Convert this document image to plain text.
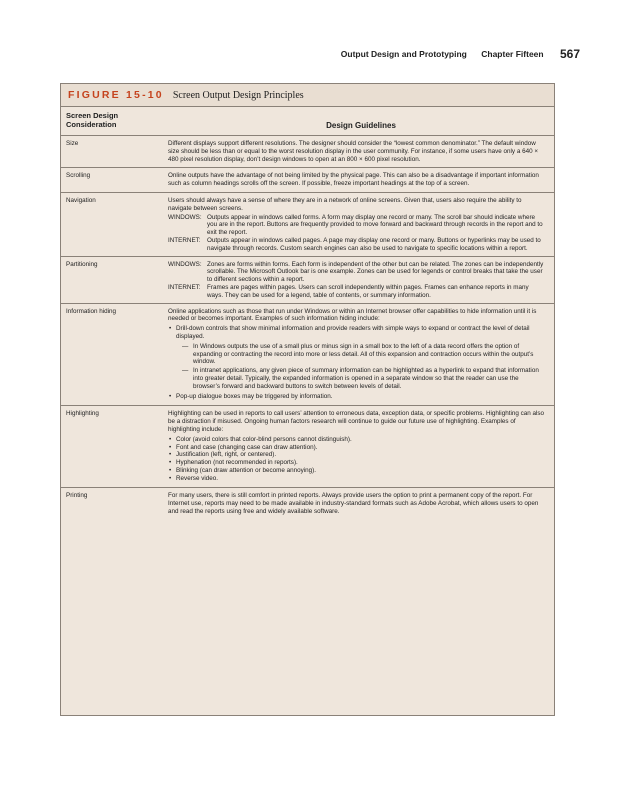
Output Design and Prototyping Chapter Fifteen 567
FIGURE 15-10 Screen Output Design Principles
Screen Design Consideration	Design Guidelines
Size	Different displays support different resolutions. The designer should consider the “lowest common denominator.” The default window size should be less than or equal to the worst resolution display in the user community. For instance, if some users have only a 640 × 480 pixel resolution display, don’t design windows to open at an 800 × 600 pixel resolution.

Scrolling	Online outputs have the advantage of not being limited by the physical page. This can also be a disadvantage if important information such as column headings scrolls off the screen. If possible, freeze important headings at the top of a screen.

Navigation	Users should always have a sense of where they are in a network of online screens. Given that, users also require the ability to navigate between screens.

WINDOWS: Outputs appear in windows called forms. A form may display one record or many. The scroll bar should indicate where you are in the report. Buttons are frequently provided to move forward and backward through records in the report and to exit the report.
INTERNET:	Outputs appear in windows called pages. A page may display one record or many. Buttons or hyperlinks may be used to navigate through records. Custom search engines can also be used to navigate to specific locations within a report.
Partitioning	WINDOWS: Zones are forms within forms. Each form is independent of the other but can be related. The zones can be independently scrollable. The Microsoft Outlook bar is one example. Zones can be used for legends or control breaks that take the user to different sections within a report.
INTERNET:	Frames are pages within pages. Users can scroll independently within pages. Frames can enhance reports in many ways. They can be used for a legend, table of contents, or summary information.
Information hiding	Online applications such as those that run under Windows or within an Internet browser offer capabilities to hide information until it is needed or becomes important. Examples of such information hiding include:

• Drill-down controls that show minimal information and provide readers with simple ways to expand or contract the level of detail displayed.
— In Windows outputs the use of a small plus or minus sign in a small box to the left of a data record offers the option of expanding or contracting the record into more or less detail. All of this expansion and contraction occurs within the output’s window.
— In intranet applications, any given piece of summary information can be highlighted as a hyperlink to expand that information into greater detail. Typically, the expanded information is opened in a separate window so that the reader can use the browser’s forward and backward buttons to switch between levels of detail.
• Pop-up dialogue boxes may be triggered by information.
Highlighting	Highlighting can be used in reports to call users’ attention to erroneous data, exception data, or specific problems. Highlighting can also be a distraction if misused. Ongoing human factors research will continue to guide our future use of highlighting. Examples of highlighting include:

• Color (avoid colors that color-blind persons cannot distinguish).
• Font and case (changing case can draw attention).
• Justification (left, right, or centered).
• Hyphenation (not recommended in reports).
• Blinking (can draw attention or become annoying).
• Reverse video.
Printing	For many users, there is still comfort in printed reports. Always provide users the option to print a permanent copy of the report. For Internet use, reports may need to be made available in industry-standard formats such as Adobe Acrobat, which allows users to open and read the reports using free and widely available software.
